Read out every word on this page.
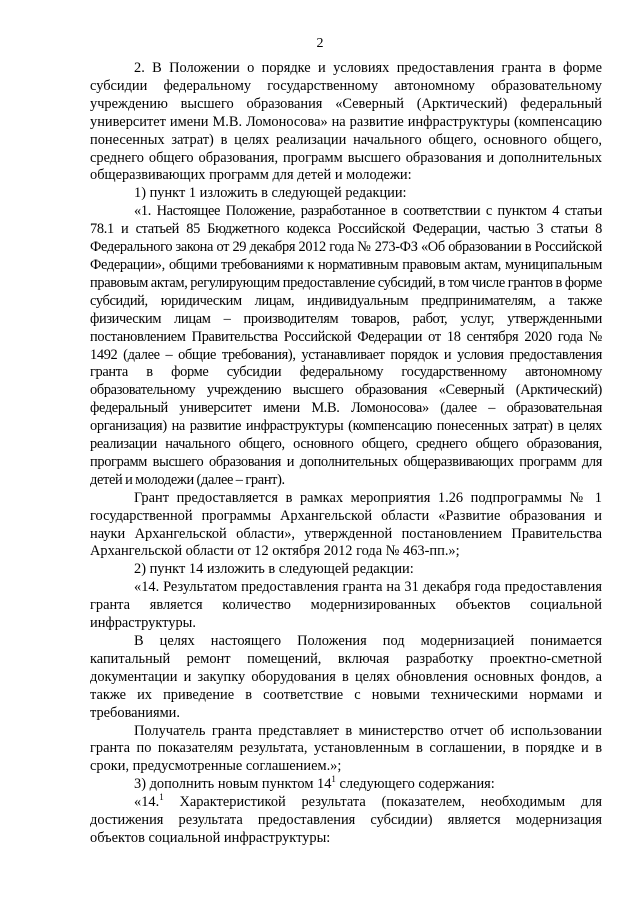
2

2. В Положении о порядке и условиях предоставления гранта в форме субсидии федеральному государственному автономному образовательному учреждению высшего образования «Северный (Арктический) федеральный университет имени М.В. Ломоносова» на развитие инфраструктуры (компенсацию понесенных затрат) в целях реализации начального общего, основного общего, среднего общего образования, программ высшего образования и дополнительных общеразвивающих программ для детей и молодежи:

1) пункт 1 изложить в следующей редакции:

«1. Настоящее Положение, разработанное в соответствии с пунктом 4 статьи 78.1 и статьей 85 Бюджетного кодекса Российской Федерации, частью 3 статьи 8 Федерального закона от 29 декабря 2012 года № 273-ФЗ «Об образовании в Российской Федерации», общими требованиями к нормативным правовым актам, муниципальным правовым актам, регулирующим предоставление субсидий, в том числе грантов в форме субсидий, юридическим лицам, индивидуальным предпринимателям, а также физическим лицам – производителям товаров, работ, услуг, утвержденными постановлением Правительства Российской Федерации от 18 сентября 2020 года № 1492 (далее – общие требования), устанавливает порядок и условия предоставления гранта в форме субсидии федеральному государственному автономному образовательному учреждению высшего образования «Северный (Арктический) федеральный университет имени М.В. Ломоносова» (далее – образовательная организация) на развитие инфраструктуры (компенсацию понесенных затрат) в целях реализации начального общего, основного общего, среднего общего образования, программ высшего образования и дополнительных общеразвивающих программ для детей и молодежи (далее – грант).

Грант предоставляется в рамках мероприятия 1.26 подпрограммы № 1 государственной программы Архангельской области «Развитие образования и науки Архангельской области», утвержденной постановлением Правительства Архангельской области от 12 октября 2012 года № 463-пп.»;

2) пункт 14 изложить в следующей редакции:

«14. Результатом предоставления гранта на 31 декабря года предоставления гранта является количество модернизированных объектов социальной инфраструктуры.

В целях настоящего Положения под модернизацией понимается капитальный ремонт помещений, включая разработку проектно-сметной документации и закупку оборудования в целях обновления основных фондов, а также их приведение в соответствие с новыми техническими нормами и требованиями.

Получатель гранта представляет в министерство отчет об использовании гранта по показателям результата, установленным в соглашении, в порядке и в сроки, предусмотренные соглашением.»;

3) дополнить новым пунктом $14^1$ следующего содержания:

«14.$^1$ Характеристикой результата (показателем, необходимым для достижения результата предоставления субсидии) является модернизация объектов социальной инфраструктуры:
